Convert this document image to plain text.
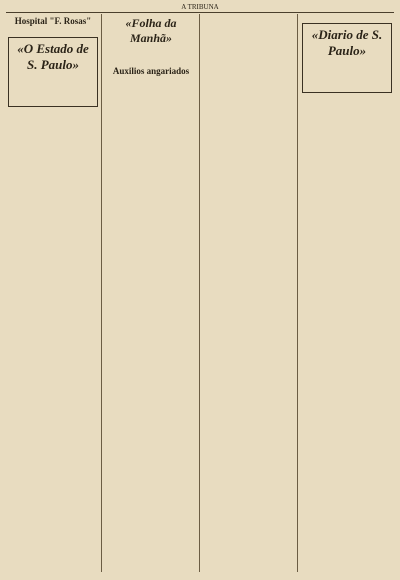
A TRIBUNA
Hospital "F. Rosas"

«O Estado de S. Paulo»
«Folha da Manhã»

Auxilios angariados

«Diario de S. Paulo»
